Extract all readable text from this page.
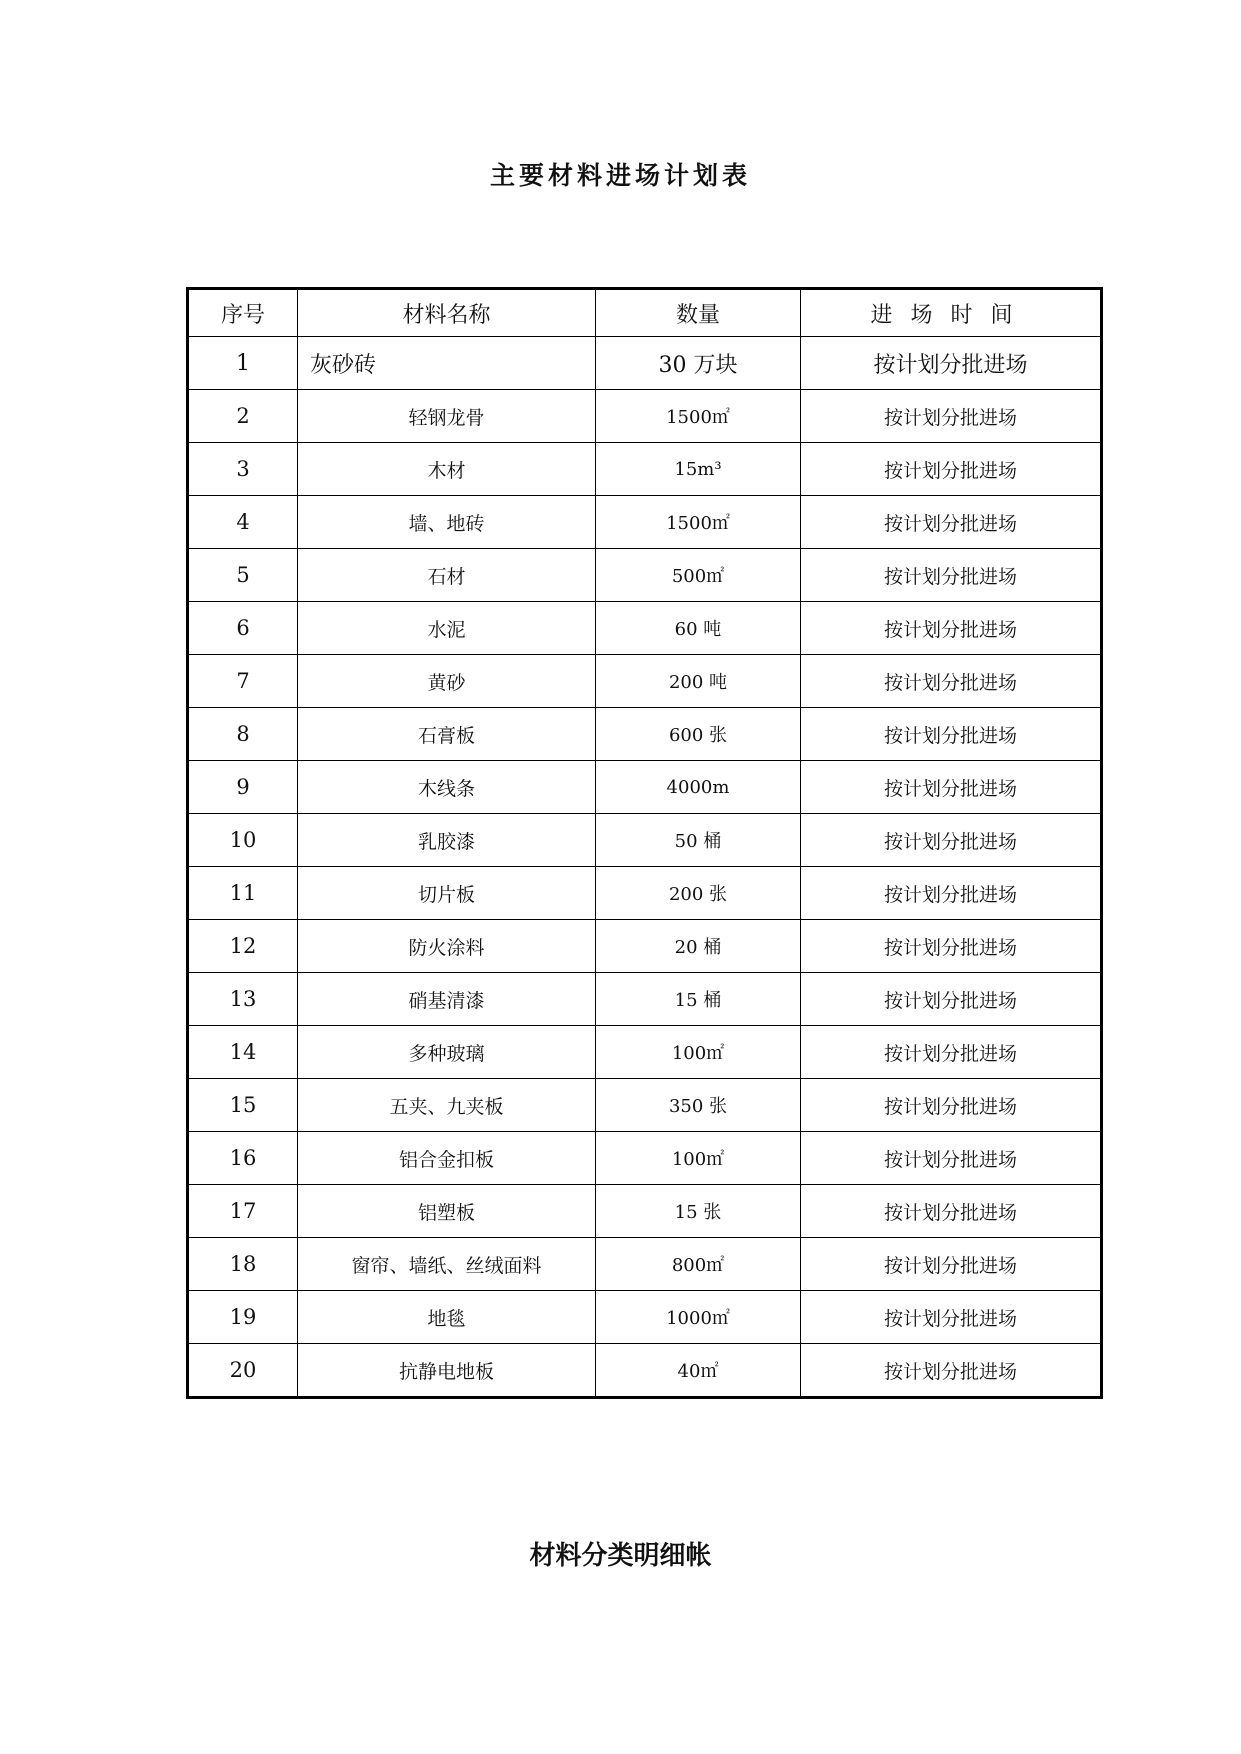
主要材料进场计划表
序号	材料名称	数量	进场时间
1	灰砂砖	30 万块	按计划分批进场
2	轻钢龙骨	1500㎡	按计划分批进场
3	木材	15m³	按计划分批进场
4	墙、地砖	1500㎡	按计划分批进场
5	石材	500㎡	按计划分批进场
6	水泥	60 吨	按计划分批进场
7	黄砂	200 吨	按计划分批进场
8	石膏板	600 张	按计划分批进场
9	木线条	4000m	按计划分批进场
10	乳胶漆	50 桶	按计划分批进场
11	切片板	200 张	按计划分批进场
12	防火涂料	20 桶	按计划分批进场
13	硝基清漆	15 桶	按计划分批进场
14	多种玻璃	100㎡	按计划分批进场
15	五夹、九夹板	350 张	按计划分批进场
16	铝合金扣板	100㎡	按计划分批进场
17	铝塑板	15 张	按计划分批进场
18	窗帘、墙纸、丝绒面料	800㎡	按计划分批进场
19	地毯	1000㎡	按计划分批进场
20	抗静电地板	40㎡	按计划分批进场
材料分类明细帐
